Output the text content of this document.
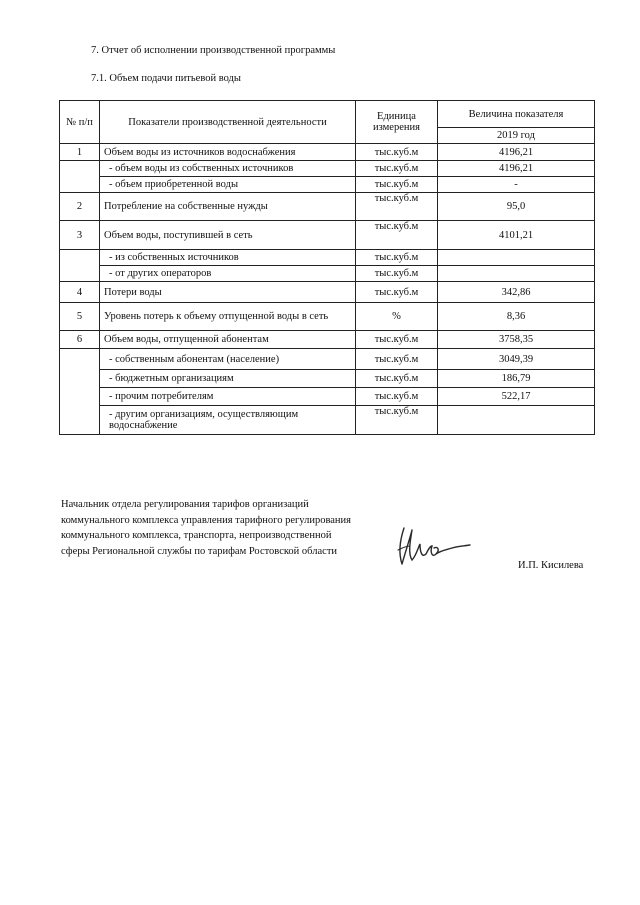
7. Отчет об исполнении производственной программы
7.1. Объем подачи питьевой воды
№ п/п	Показатели производственной деятельности	Единица измерения	Величина показателя
			2019 год
1	Объем воды из источников водоснабжения	тыс.куб.м	4196,21
	- объем воды из собственных источников	тыс.куб.м	4196,21
	- объем приобретенной воды	тыс.куб.м	-
2	Потребление на собственные нужды	тыс.куб.м	95,0
3	Объем воды, поступившей в сеть	тыс.куб.м	4101,21
	- из собственных источников	тыс.куб.м	
	- от других операторов	тыс.куб.м	
4	Потери воды	тыс.куб.м	342,86
5	Уровень потерь к объему отпущенной воды в сеть	%	8,36
6	Объем воды, отпущенной абонентам	тыс.куб.м	3758,35
	- собственным абонентам (население)	тыс.куб.м	3049,39
	- бюджетным организациям	тыс.куб.м	186,79
	- прочим потребителям	тыс.куб.м	522,17
	- другим организациям, осуществляющим водоснабжение	тыс.куб.м	
Начальник отдела регулирования тарифов организаций коммунального комплекса управления тарифного регулирования коммунального комплекса, транспорта, непроизводственной сферы Региональной службы по тарифам Ростовской области
И.П. Кисилева
